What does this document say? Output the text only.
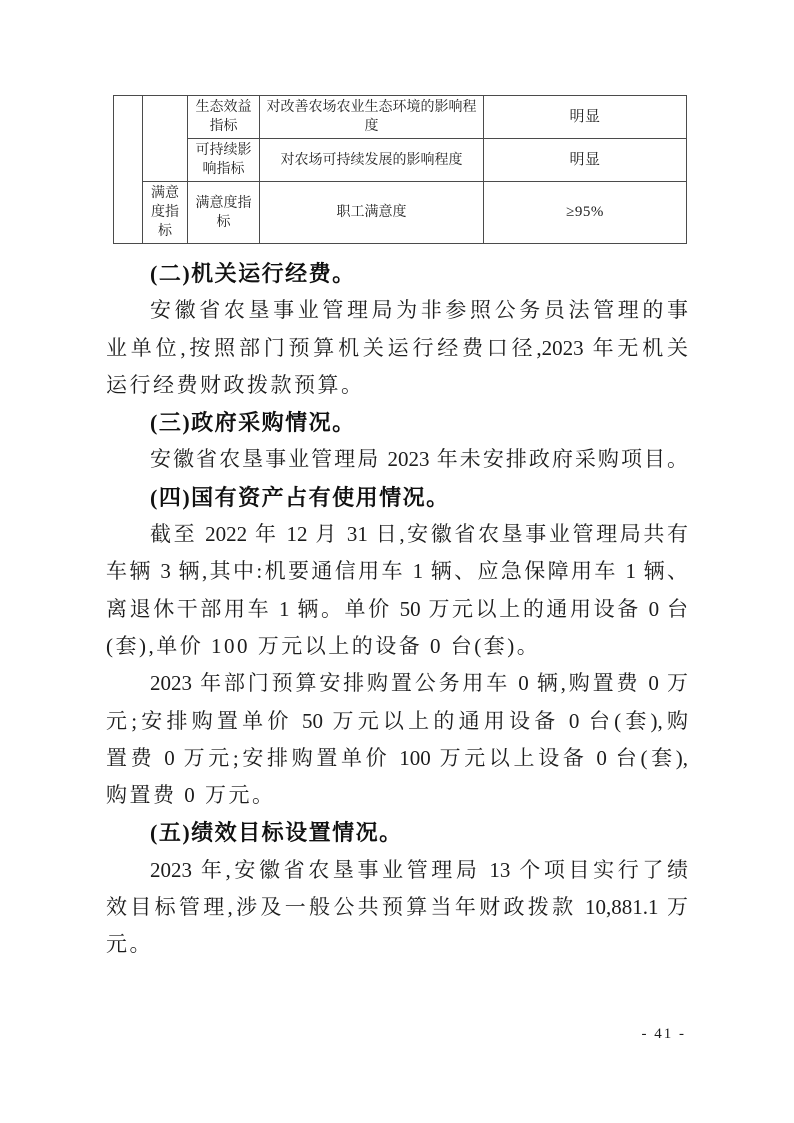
		生态效益指标	对改善农场农业生态环境的影响程度	明显
		可持续影响指标	对农场可持续发展的影响程度	明显
	满意度指标	满意度指标	职工满意度	≥95%
(二)机关运行经费。
安徽省农垦事业管理局为非参照公务员法管理的事
业单位,按照部门预算机关运行经费口径,2023 年无机关
运行经费财政拨款预算。
(三)政府采购情况。
安徽省农垦事业管理局 2023 年未安排政府采购项目。
(四)国有资产占有使用情况。
截至 2022 年 12 月 31 日,安徽省农垦事业管理局共有
车辆 3 辆,其中:机要通信用车 1 辆、应急保障用车 1 辆、
离退休干部用车 1 辆。单价 50 万元以上的通用设备 0 台
(套),单价 100 万元以上的设备 0 台(套)。
2023 年部门预算安排购置公务用车 0 辆,购置费 0 万
元;安排购置单价 50 万元以上的通用设备 0 台(套),购
置费 0 万元;安排购置单价 100 万元以上设备 0 台(套),
购置费 0 万元。
(五)绩效目标设置情况。
2023 年,安徽省农垦事业管理局 13 个项目实行了绩
效目标管理,涉及一般公共预算当年财政拨款 10,881.1 万
元。
- 41 -
